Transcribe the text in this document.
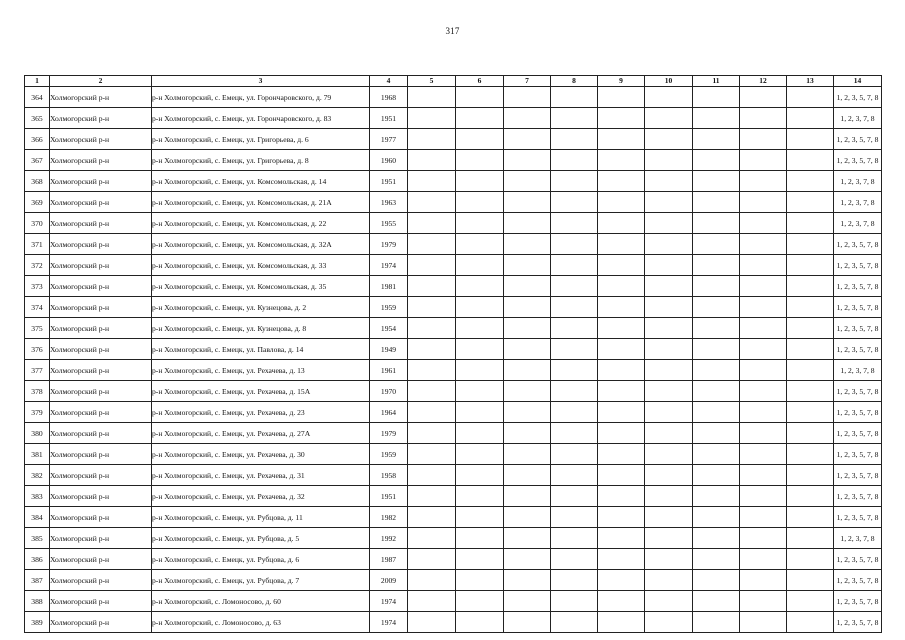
317
1	2	3	4	5	6	7	8	9	10	11	12	13	14
364	Холмогорский р-н	р-н Холмогорский, с. Емецк, ул. Горончаровского, д. 79	1968										1, 2, 3, 5, 7, 8
365	Холмогорский р-н	р-н Холмогорский, с. Емецк, ул. Горончаровского, д. 83	1951										1, 2, 3, 7, 8
366	Холмогорский р-н	р-н Холмогорский, с. Емецк, ул. Григорьева, д. 6	1977										1, 2, 3, 5, 7, 8
367	Холмогорский р-н	р-н Холмогорский, с. Емецк, ул. Григорьева, д. 8	1960										1, 2, 3, 5, 7, 8
368	Холмогорский р-н	р-н Холмогорский, с. Емецк, ул. Комсомольская, д. 14	1951										1, 2, 3, 7, 8
369	Холмогорский р-н	р-н Холмогорский, с. Емецк, ул. Комсомольская, д. 21А	1963										1, 2, 3, 7, 8
370	Холмогорский р-н	р-н Холмогорский, с. Емецк, ул. Комсомольская, д. 22	1955										1, 2, 3, 7, 8
371	Холмогорский р-н	р-н Холмогорский, с. Емецк, ул. Комсомольская, д. 32А	1979										1, 2, 3, 5, 7, 8
372	Холмогорский р-н	р-н Холмогорский, с. Емецк, ул. Комсомольская, д. 33	1974										1, 2, 3, 5, 7, 8
373	Холмогорский р-н	р-н Холмогорский, с. Емецк, ул. Комсомольская, д. 35	1981										1, 2, 3, 5, 7, 8
374	Холмогорский р-н	р-н Холмогорский, с. Емецк, ул. Кузнецова, д. 2	1959										1, 2, 3, 5, 7, 8
375	Холмогорский р-н	р-н Холмогорский, с. Емецк, ул. Кузнецова, д. 8	1954										1, 2, 3, 5, 7, 8
376	Холмогорский р-н	р-н Холмогорский, с. Емецк, ул. Павлова, д. 14	1949										1, 2, 3, 5, 7, 8
377	Холмогорский р-н	р-н Холмогорский, с. Емецк, ул. Рехачева, д. 13	1961										1, 2, 3, 7, 8
378	Холмогорский р-н	р-н Холмогорский, с. Емецк, ул. Рехачева, д. 15А	1970										1, 2, 3, 5, 7, 8
379	Холмогорский р-н	р-н Холмогорский, с. Емецк, ул. Рехачева, д. 23	1964										1, 2, 3, 5, 7, 8
380	Холмогорский р-н	р-н Холмогорский, с. Емецк, ул. Рехачева, д. 27А	1979										1, 2, 3, 5, 7, 8
381	Холмогорский р-н	р-н Холмогорский, с. Емецк, ул. Рехачева, д. 30	1959										1, 2, 3, 5, 7, 8
382	Холмогорский р-н	р-н Холмогорский, с. Емецк, ул. Рехачева, д. 31	1958										1, 2, 3, 5, 7, 8
383	Холмогорский р-н	р-н Холмогорский, с. Емецк, ул. Рехачева, д. 32	1951										1, 2, 3, 5, 7, 8
384	Холмогорский р-н	р-н Холмогорский, с. Емецк, ул. Рубцова, д. 11	1982										1, 2, 3, 5, 7, 8
385	Холмогорский р-н	р-н Холмогорский, с. Емецк, ул. Рубцова, д. 5	1992										1, 2, 3, 7, 8
386	Холмогорский р-н	р-н Холмогорский, с. Емецк, ул. Рубцова, д. 6	1987										1, 2, 3, 5, 7, 8
387	Холмогорский р-н	р-н Холмогорский, с. Емецк, ул. Рубцова, д. 7	2009										1, 2, 3, 5, 7, 8
388	Холмогорский р-н	р-н Холмогорский, с. Ломоносово, д. 60	1974										1, 2, 3, 5, 7, 8
389	Холмогорский р-н	р-н Холмогорский, с. Ломоносово, д. 63	1974										1, 2, 3, 5, 7, 8
